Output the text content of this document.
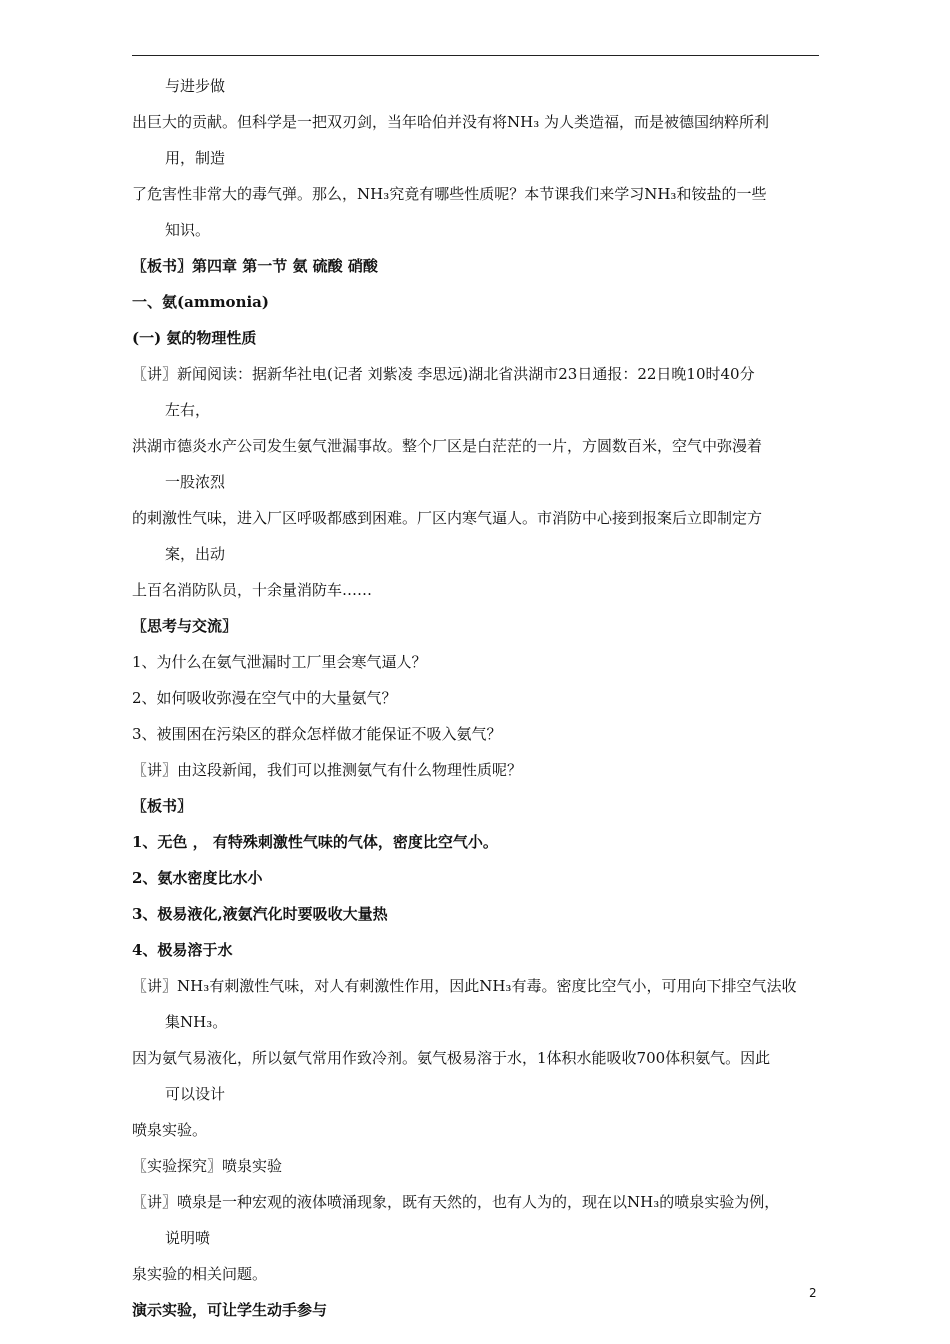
与进步做
出巨大的贡献。但科学是一把双刃剑，当年哈伯并没有将NH₃ 为人类造福，而是被德国纳粹所利
用，制造
了危害性非常大的毒气弹。那么，NH₃究竟有哪些性质呢？本节课我们来学习NH₃和铵盐的一些
知识。
〖板书〗第四章 第一节 氨 硫酸 硝酸
一、氨(ammonia)
(一) 氨的物理性质
〖讲〗新闻阅读：据新华社电(记者 刘紫凌 李思远)湖北省洪湖市23日通报：22日晚10时40分
左右，
洪湖市德炎水产公司发生氨气泄漏事故。整个厂区是白茫茫的一片，方圆数百米，空气中弥漫着
一股浓烈
的刺激性气味，进入厂区呼吸都感到困难。厂区内寒气逼人。市消防中心接到报案后立即制定方
案，出动
上百名消防队员，十余量消防车……
〖思考与交流〗
1、为什么在氨气泄漏时工厂里会寒气逼人？
2、如何吸收弥漫在空气中的大量氨气？
3、被围困在污染区的群众怎样做才能保证不吸入氨气？
〖讲〗由这段新闻，我们可以推测氨气有什么物理性质呢？
〖板书〗
1、无色 ， 有特殊刺激性气味的气体，密度比空气小。
2、氨水密度比水小
3、极易液化,液氨汽化时要吸收大量热
4、极易溶于水
〖讲〗NH₃有刺激性气味，对人有刺激性作用，因此NH₃有毒。密度比空气小，可用向下排空气法收
集NH₃。
因为氨气易液化，所以氨气常用作致冷剂。氨气极易溶于水，1体积水能吸收700体积氨气。因此
可以设计
喷泉实验。
〖实验探究〗喷泉实验
〖讲〗喷泉是一种宏观的液体喷涌现象，既有天然的，也有人为的，现在以NH₃的喷泉实验为例，
说明喷
泉实验的相关问题。
演示实验，可让学生动手参与
2
